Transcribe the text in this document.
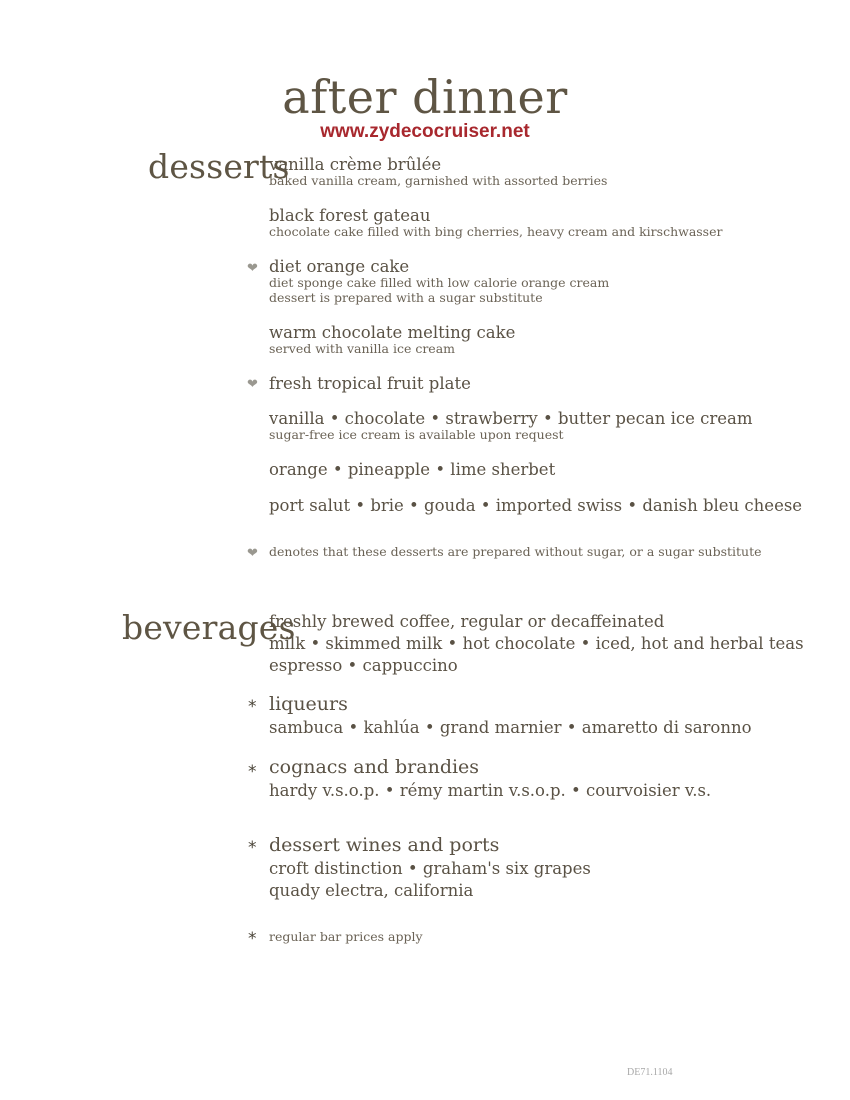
after dinner
www.zydecocruiser.net
desserts
vanilla crème brûlée
baked vanilla cream, garnished with assorted berries
black forest gateau
chocolate cake filled with bing cherries, heavy cream and kirschwasser
❤ diet orange cake
diet sponge cake filled with low calorie orange cream
dessert is prepared with a sugar substitute
warm chocolate melting cake
served with vanilla ice cream
❤ fresh tropical fruit plate
vanilla • chocolate • strawberry • butter pecan ice cream
sugar-free ice cream is available upon request
orange • pineapple • lime sherbet
port salut • brie • gouda • imported swiss • danish bleu cheese
❤ denotes that these desserts are prepared without sugar, or a sugar substitute
beverages
freshly brewed coffee, regular or decaffeinated
milk • skimmed milk • hot chocolate • iced, hot and herbal teas
espresso • cappuccino
* liqueurs
sambuca • kahlúa • grand marnier • amaretto di saronno
* cognacs and brandies
hardy v.s.o.p. • rémy martin v.s.o.p. • courvoisier v.s.
* dessert wines and ports
croft distinction • graham's six grapes
quady electra, california
* regular bar prices apply
DE71.1104
